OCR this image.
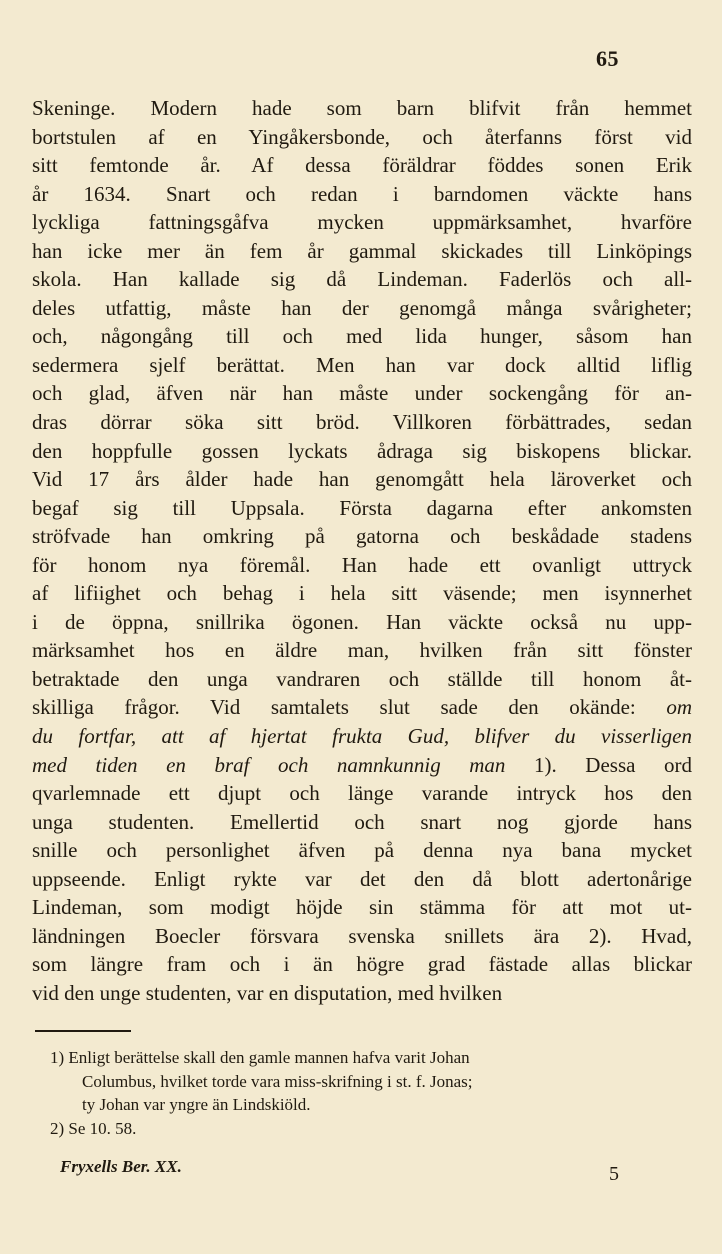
65
Skeninge. Modern hade som barn blifvit från hemmet
bortstulen af en Yingåkersbonde, och återfanns först vid
sitt femtonde år. Af dessa föräldrar föddes sonen Erik
år 1634. Snart och redan i barndomen väckte hans
lyckliga fattningsgåfva mycken uppmärksamhet, hvarföre
han icke mer än fem år gammal skickades till Linköpings
skola. Han kallade sig då Lindeman. Faderlös och all-
deles utfattig, måste han der genomgå många svårigheter;
och, någongång till och med lida hunger, såsom han
sedermera sjelf berättat. Men han var dock alltid liflig
och glad, äfven när han måste under sockengång för an-
dras dörrar söka sitt bröd. Villkoren förbättrades, sedan
den hoppfulle gossen lyckats ådraga sig biskopens blickar.
Vid 17 års ålder hade han genomgått hela läroverket och
begaf sig till Uppsala. Första dagarna efter ankomsten
ströfvade han omkring på gatorna och beskådade stadens
för honom nya föremål. Han hade ett ovanligt uttryck
af lifiighet och behag i hela sitt väsende; men isynnerhet
i de öppna, snillrika ögonen. Han väckte också nu upp-
märksamhet hos en äldre man, hvilken från sitt fönster
betraktade den unga vandraren och ställde till honom åt-
skilliga frågor. Vid samtalets slut sade den okände: om
du fortfar, att af hjertat frukta Gud, blifver du visserligen
med tiden en braf och namnkunnig man 1). Dessa ord
qvarlemnade ett djupt och länge varande intryck hos den
unga studenten. Emellertid och snart nog gjorde hans
snille och personlighet äfven på denna nya bana mycket
uppseende. Enligt rykte var det den då blott adertonårige
Lindeman, som modigt höjde sin stämma för att mot ut-
ländningen Boecler försvara svenska snillets ära 2). Hvad,
som längre fram och i än högre grad fästade allas blickar
vid den unge studenten, var en disputation, med hvilken
1) Enligt berättelse skall den gamle mannen hafva varit Johan
Columbus, hvilket torde vara miss-skrifning i st. f. Jonas;
ty Johan var yngre än Lindskiöld.
2) Se 10. 58.
Fryxells Ber. XX.	5
